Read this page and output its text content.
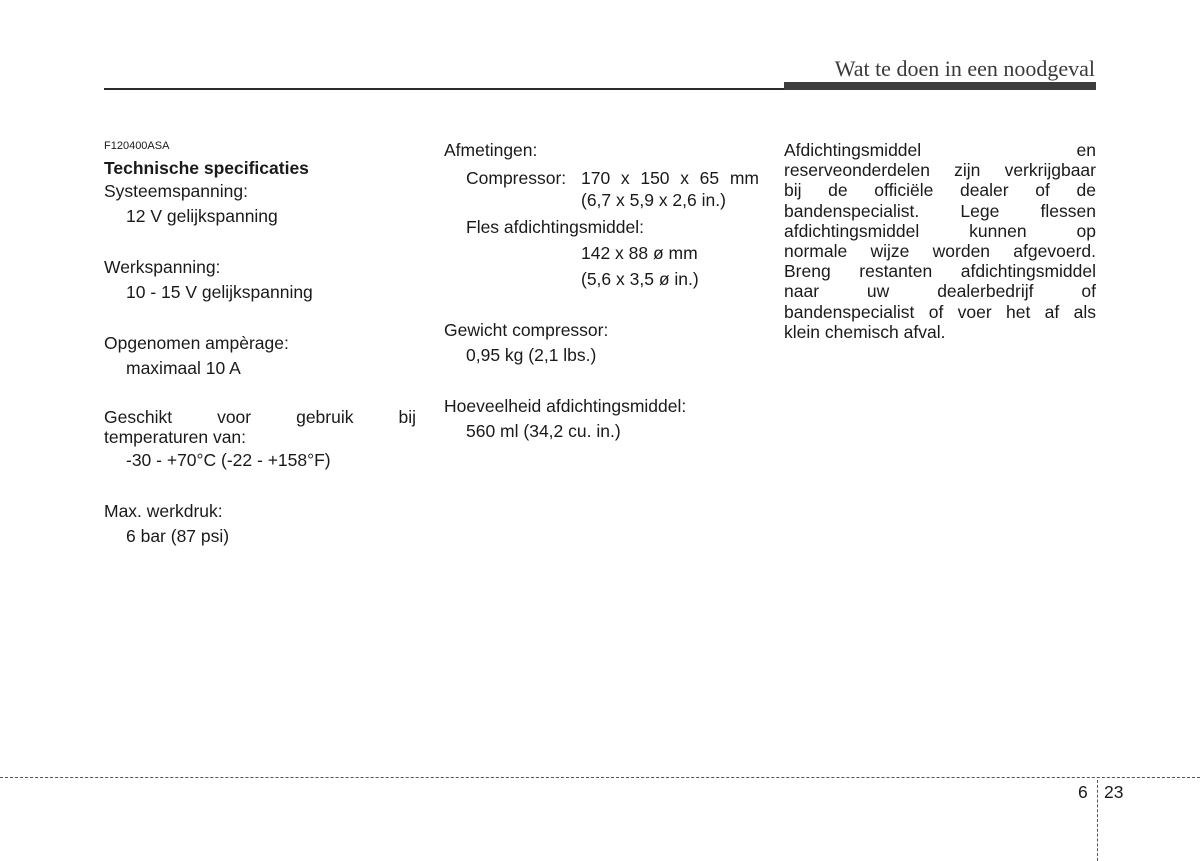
Wat te doen in een noodgeval
F120400ASA
Technische specificaties
Systeemspanning:
12 V gelijkspanning
Werkspanning:
10 - 15 V gelijkspanning
Opgenomen ampèrage:
maximaal 10 A
Geschikt voor gebruik bij
temperaturen van:
-30 - +70°C (-22 - +158°F)
Max. werkdruk:
6 bar (87 psi)
Afmetingen:
Compressor: 170 x 150 x 65 mm
(6,7 x 5,9 x 2,6 in.)
Fles afdichtingsmiddel:
142 x 88 ø mm
(5,6 x 3,5 ø in.)
Gewicht compressor:
0,95 kg (2,1 lbs.)
Hoeveelheid afdichtingsmiddel:
560 ml (34,2 cu. in.)
Afdichtingsmiddel en
reserveonderdelen zijn verkrijgbaar
bij de officiële dealer of de
bandenspecialist. Lege flessen
afdichtingsmiddel kunnen op
normale wijze worden afgevoerd.
Breng restanten afdichtingsmiddel
naar uw dealerbedrijf of
bandenspecialist of voer het af als
klein chemisch afval.
6 23
